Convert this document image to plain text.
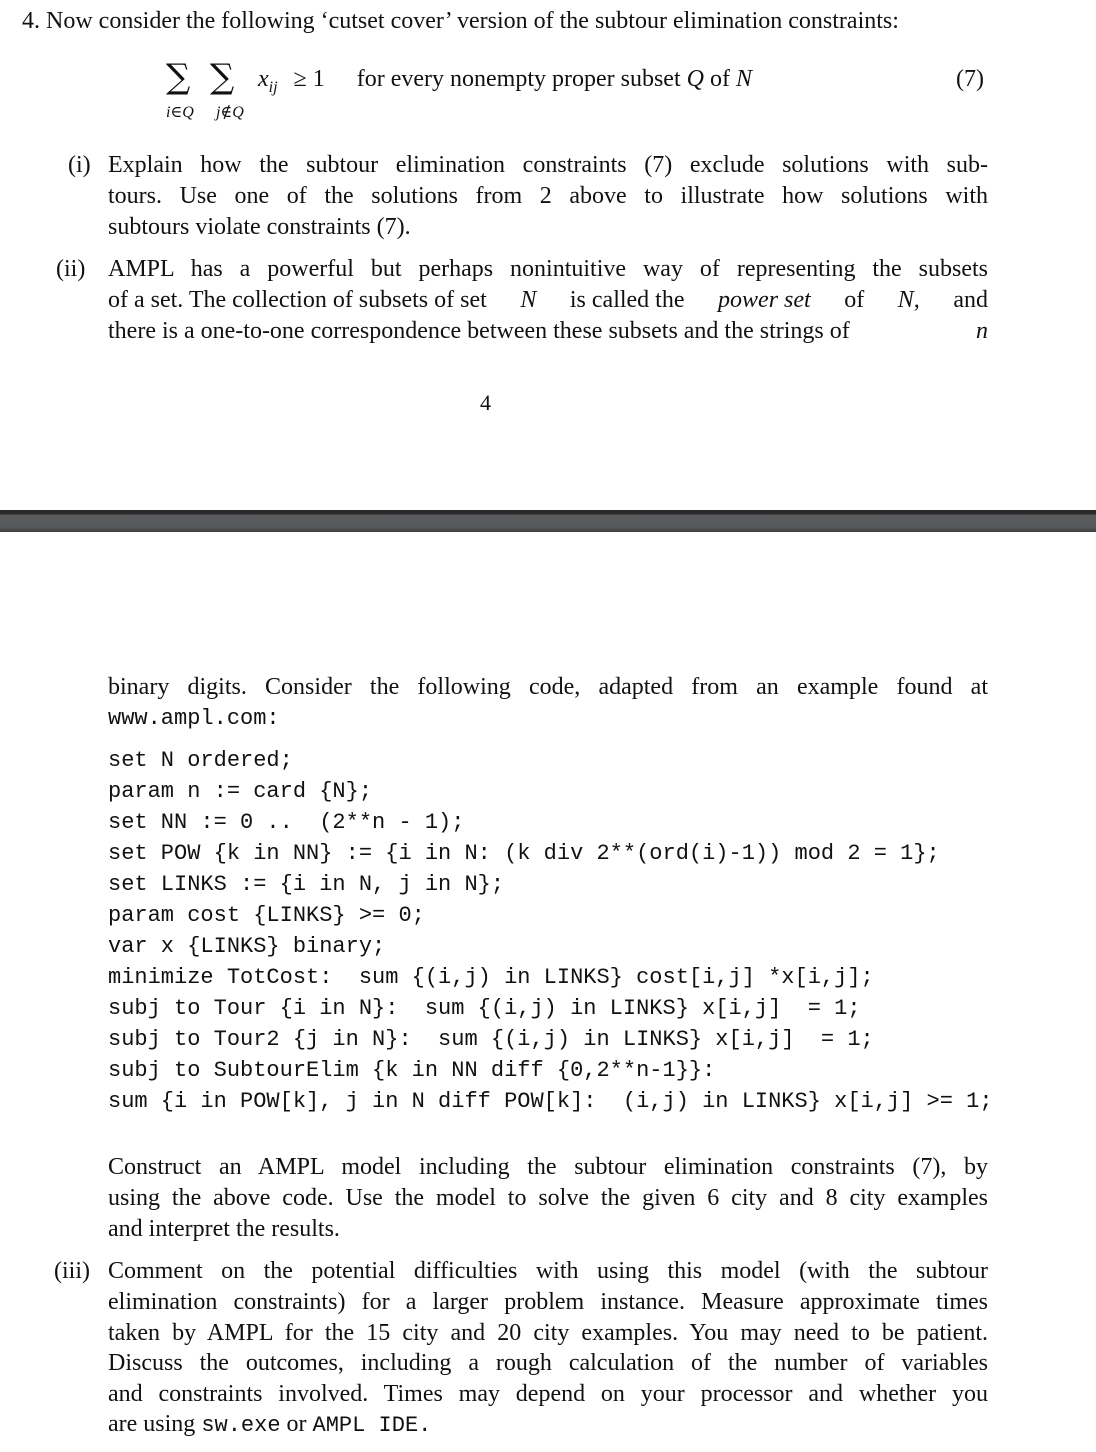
4. Now consider the following ‘cutset cover’ version of the subtour elimination constraints:
∑ ∑
i∈Q j∉Q
$x_{ij} \ge 1$ for every nonempty proper subset Q of N	(7)
(i) Explain how the subtour elimination constraints (7) exclude solutions with sub-
tours. Use one of the solutions from 2 above to illustrate how solutions with
subtours violate constraints (7).
(ii) AMPL has a powerful but perhaps nonintuitive way of representing the subsets
of a set. The collection of subsets of set N is called the power set of N, and
there is a one-to-one correspondence between these subsets and the strings of	n
4
binary digits. Consider the following code, adapted from an example found at
www.ampl.com:
set N ordered;
param n := card {N};
set NN := 0 ..  (2**n - 1);
set POW {k in NN} := {i in N: (k div 2**(ord(i)-1)) mod 2 = 1};
set LINKS := {i in N, j in N};
param cost {LINKS} >= 0;
var x {LINKS} binary;
minimize TotCost:  sum {(i,j) in LINKS} cost[i,j] *x[i,j];
subj to Tour {i in N}:  sum {(i,j) in LINKS} x[i,j]  = 1;
subj to Tour2 {j in N}:  sum {(i,j) in LINKS} x[i,j]  = 1;
subj to SubtourElim {k in NN diff {0,2**n-1}}:
sum {i in POW[k], j in N diff POW[k]:  (i,j) in LINKS} x[i,j] >= 1;
Construct an AMPL model including the subtour elimination constraints (7), by
using the above code. Use the model to solve the given 6 city and 8 city examples
and interpret the results.
(iii) Comment on the potential difficulties with using this model (with the subtour
elimination constraints) for a larger problem instance. Measure approximate times
taken by AMPL for the 15 city and 20 city examples. You may need to be patient.
Discuss the outcomes, including a rough calculation of the number of variables
and constraints involved. Times may depend on your processor and whether you
are using sw.exe or AMPL IDE.
